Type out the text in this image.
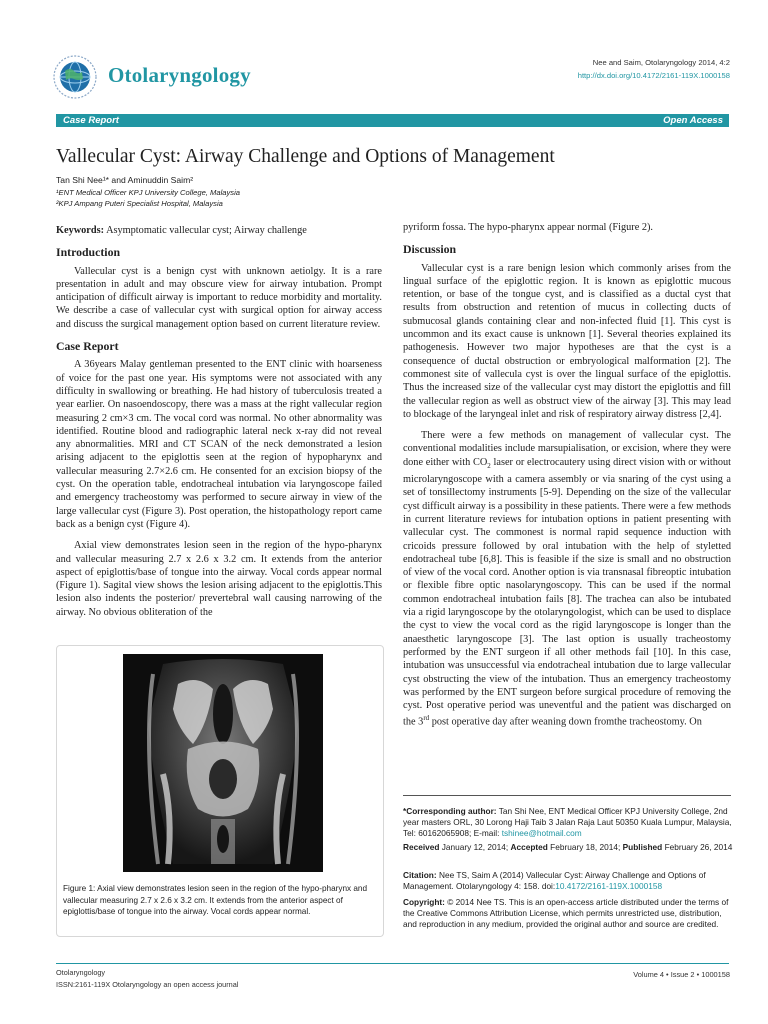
Otolaryngology
Nee and Saim, Otolaryngology 2014, 4:2
http://dx.doi.org/10.4172/2161-119X.1000158
Case Report	Open Access
Vallecular Cyst: Airway Challenge and Options of Management
Tan Shi Nee¹* and Aminuddin Saim²
¹ENT Medical Officer KPJ University College, Malaysia
²KPJ Ampang Puteri Specialist Hospital, Malaysia
Keywords: Asymptomatic vallecular cyst; Airway challenge
Introduction

Vallecular cyst is a benign cyst with unknown aetiolgy. It is a rare presentation in adult and may obscure view for airway intubation. Prompt anticipation of difficult airway is important to reduce morbidity and mortality. We describe a case of vallecular cyst with surgical option for airway access and discuss the surgical management option based on current literature review.

Case Report

A 36years Malay gentleman presented to the ENT clinic with hoarseness of voice for the past one year. His symptoms were not associated with any difficulty in swallowing or breathing. He had history of tuberculosis treated a year earlier. On nasoendoscopy, there was a mass at the right vallecular region measuring 2 cm×3 cm. The vocal cord was normal. No other abnormality was identified. Routine blood and radiographic lateral neck x-ray did not reveal any abnormalities. MRI and CT SCAN of the neck demonstrated a lesion arising adjacent to the epiglottis seen at the region of hypopharynx and vallecular measuring 2.7×2.6 cm. He consented for an excision biopsy of the cyst. On the operation table, endotracheal intubation via laryngoscope failed and emergency tracheostomy was performed to secure airway in view of the large vallecular cyst (Figure 3). Post operation, the histopathology report came back as a benign cyst (Figure 4).

Axial view demonstrates lesion seen in the region of the hypo-pharynx and vallecular measuring 2.7 x 2.6 x 3.2 cm. It extends from the anterior aspect of epiglottis/base of tongue into the airway. Vocal cords appear normal (Figure 1). Sagital view shows the lesion arising adjacent to the epiglottis.This lesion also indents the posterior/ prevertebral wall causing narrowing of the airway. No obvious obliteration of the

Figure 1: Axial view demonstrates lesion seen in the region of the hypo-pharynx and vallecular measuring 2.7 x 2.6 x 3.2 cm. It extends from the anterior aspect of epiglottis/base of tongue into the airway. Vocal cords appear normal.

pyriform fossa. The hypo-pharynx appear normal (Figure 2).

Discussion

Vallecular cyst is a rare benign lesion which commonly arises from the lingual surface of the epiglottic region. It is known as epiglottic mucous retention, or base of the tongue cyst, and is classified as a ductal cyst that results from obstruction and retention of mucus in collecting ducts of submucosal glands containing clear and non-infected fluid [1]. This cyst is uncommon and its exact cause is unknown [1]. Several theories explained its pathogenesis. However two major hypotheses are that the cyst is a consequence of ductal obstruction or embryological malformation [2]. The commonest site of vallecula cyst is over the lingual surface of the epiglottis. Thus the increased size of the vallecular cyst may distort the epiglottis and fill the vallecular region as well as obstruct view of the airway [3]. This may lead to blockage of the laryngeal inlet and risk of respiratory airway distress [2,4].

There were a few methods on management of vallecular cyst. The conventional modalities include marsupialisation, or excision, where they were done either with $CO_2$ laser or electrocautery using direct vision with or without microlaryngoscope with a camera assembly or via snaring of the cyst using a set of tonsillectomy instruments [5-9]. Depending on the size of the vallecular cyst difficult airway is a possibility in these patients. There were a few methods in current literature reviews for intubation options in patient presenting with vallecular cyst. The commonest is normal rapid sequence induction with cricoids pressure followed by oral intubation with the help of styletted endotracheal tube [6,8]. This is feasible if the size is small and no obstruction of view of the vocal cord. Another option is via transnasal fibreoptic intubation or flexible fibre optic nasolaryngoscopy. This can be used if the normal common endotracheal intubation fails [8]. The trachea can also be intubated via a rigid laryngoscope by the otolaryngologist, which can be used to displace the cyst to view the vocal cord as the rigid laryngoscope is longer than the anaesthetic laryngoscope [3]. The last option is usually tracheostomy performed by the ENT surgeon if all other methods fail [10]. In this case, intubation was unsuccessful via endotracheal intubation due to large vallecular cyst obstructing the view of the intubation. Thus an emergency tracheostomy was performed by the ENT surgeon before surgical procedure of removing the cyst. Post operative period was uneventful and the patient was discharged on the 3rd post operative day after weaning down fromthe tracheostomy. On

*Corresponding author: Tan Shi Nee, ENT Medical Officer KPJ University College, 2nd year masters ORL, 30 Lorong Haji Taib 3 Jalan Raja Laut 50350 Kuala Lumpur, Malaysia, Tel: 60162065908; E-mail: tshinee@hotmail.com
Received January 12, 2014; Accepted February 18, 2014; Published February 26, 2014
Citation: Nee TS, Saim A (2014) Vallecular Cyst: Airway Challenge and Options of Management. Otolaryngology 4: 158. doi:10.4172/2161-119X.1000158
Copyright: © 2014 Nee TS. This is an open-access article distributed under the terms of the Creative Commons Attribution License, which permits unrestricted use, distribution, and reproduction in any medium, provided the original author and source are credited.
Otolaryngology
ISSN:2161-119X Otolaryngology an open access journal
Volume 4 • Issue 2 • 1000158
